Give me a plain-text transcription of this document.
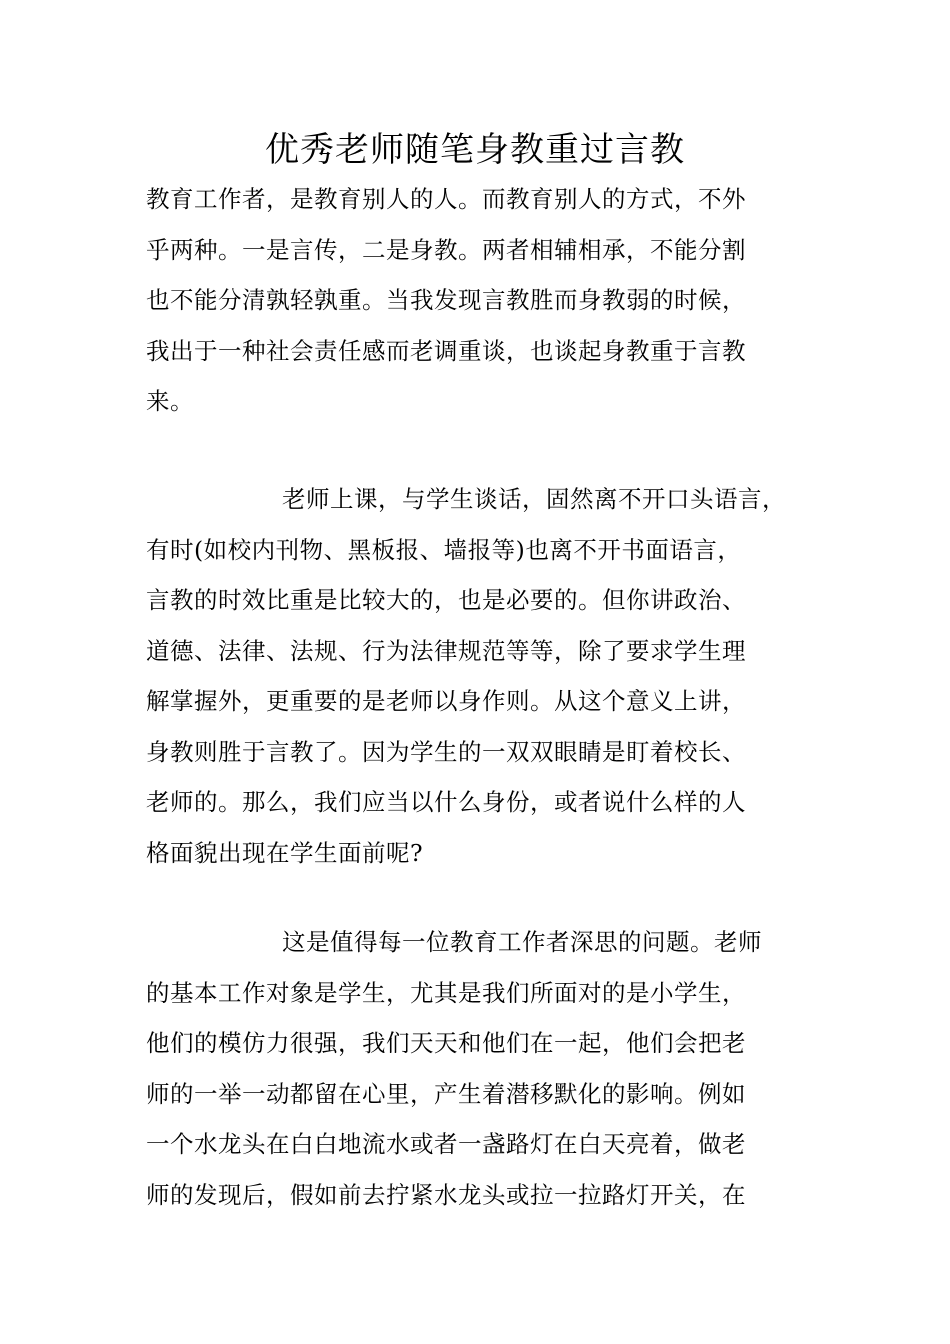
优秀老师随笔身教重过言教
教育工作者，是教育别人的人。而教育别人的方式，不外
乎两种。一是言传，二是身教。两者相辅相承，不能分割
也不能分清孰轻孰重。当我发现言教胜而身教弱的时候，
我出于一种社会责任感而老调重谈，也谈起身教重于言教
来。
老师上课，与学生谈话，固然离不开口头语言，
有时(如校内刊物、黑板报、墙报等)也离不开书面语言，
言教的时效比重是比较大的，也是必要的。但你讲政治、
道德、法律、法规、行为法律规范等等，除了要求学生理
解掌握外，更重要的是老师以身作则。从这个意义上讲，
身教则胜于言教了。因为学生的一双双眼睛是盯着校长、
老师的。那么，我们应当以什么身份，或者说什么样的人
格面貌出现在学生面前呢?
这是值得每一位教育工作者深思的问题。老师
的基本工作对象是学生，尤其是我们所面对的是小学生，
他们的模仿力很强，我们天天和他们在一起，他们会把老
师的一举一动都留在心里，产生着潜移默化的影响。例如
一个水龙头在白白地流水或者一盏路灯在白天亮着，做老
师的发现后，假如前去拧紧水龙头或拉一拉路灯开关，在
